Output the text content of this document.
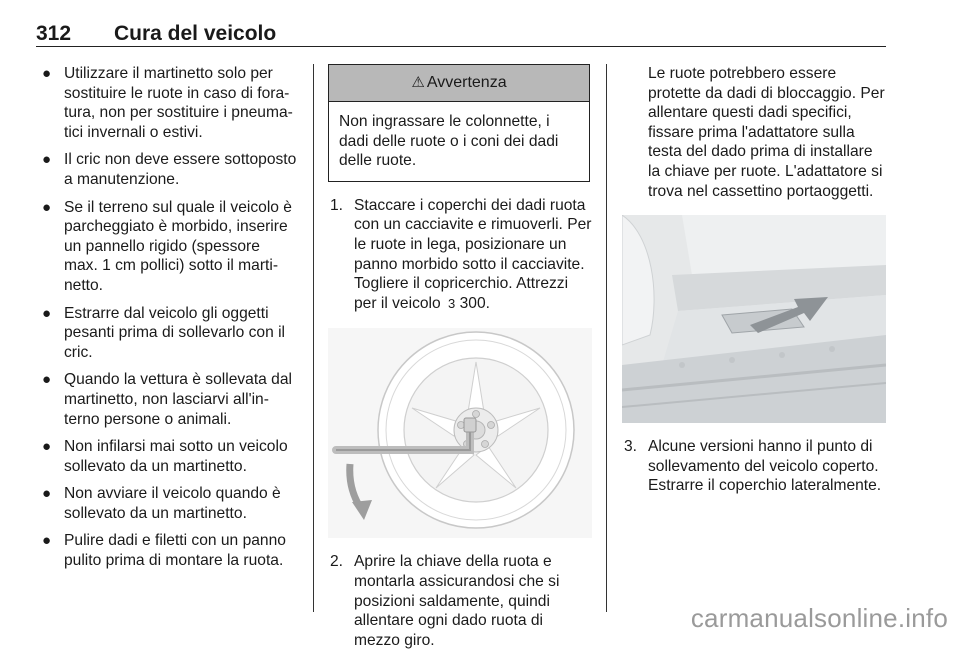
312 Cura del veicolo
● Utilizzare il martinetto solo per sostituire le ruote in caso di fora-tura, non per sostituire i pneuma-tici invernali o estivi.
● Il cric non deve essere sottoposto a manutenzione.
● Se il terreno sul quale il veicolo è parcheggiato è morbido, inserire un pannello rigido (spessore max. 1 cm pollici) sotto il marti-netto.
● Estrarre dal veicolo gli oggetti pesanti prima di sollevarlo con il cric.
● Quando la vettura è sollevata dal martinetto, non lasciarvi all'in-terno persone o animali.
● Non infilarsi mai sotto un veicolo sollevato da un martinetto.
● Non avviare il veicolo quando è sollevato da un martinetto.
● Pulire dadi e filetti con un panno pulito prima di montare la ruota.
⚠ Avvertenza
Non ingrassare le colonnette, i dadi delle ruote o i coni dei dadi delle ruote.
1. Staccare i coperchi dei dadi ruota con un cacciavite e rimuoverli. Per le ruote in lega, posizionare un panno morbido sotto il cacciavite. Togliere il copricerchio. Attrezzi per il veicolo 3 300.
2. Aprire la chiave della ruota e montarla assicurandosi che si posizioni saldamente, quindi allentare ogni dado ruota di mezzo giro.
Le ruote potrebbero essere protette da dadi di bloccaggio. Per allentare questi dadi specifici, fissare prima l'adattatore sulla testa del dado prima di installare la chiave per ruote. L'adattatore si trova nel cassettino portaoggetti.
3. Alcune versioni hanno il punto di sollevamento del veicolo coperto. Estrarre il coperchio lateralmente.
carmanualsonline.info
